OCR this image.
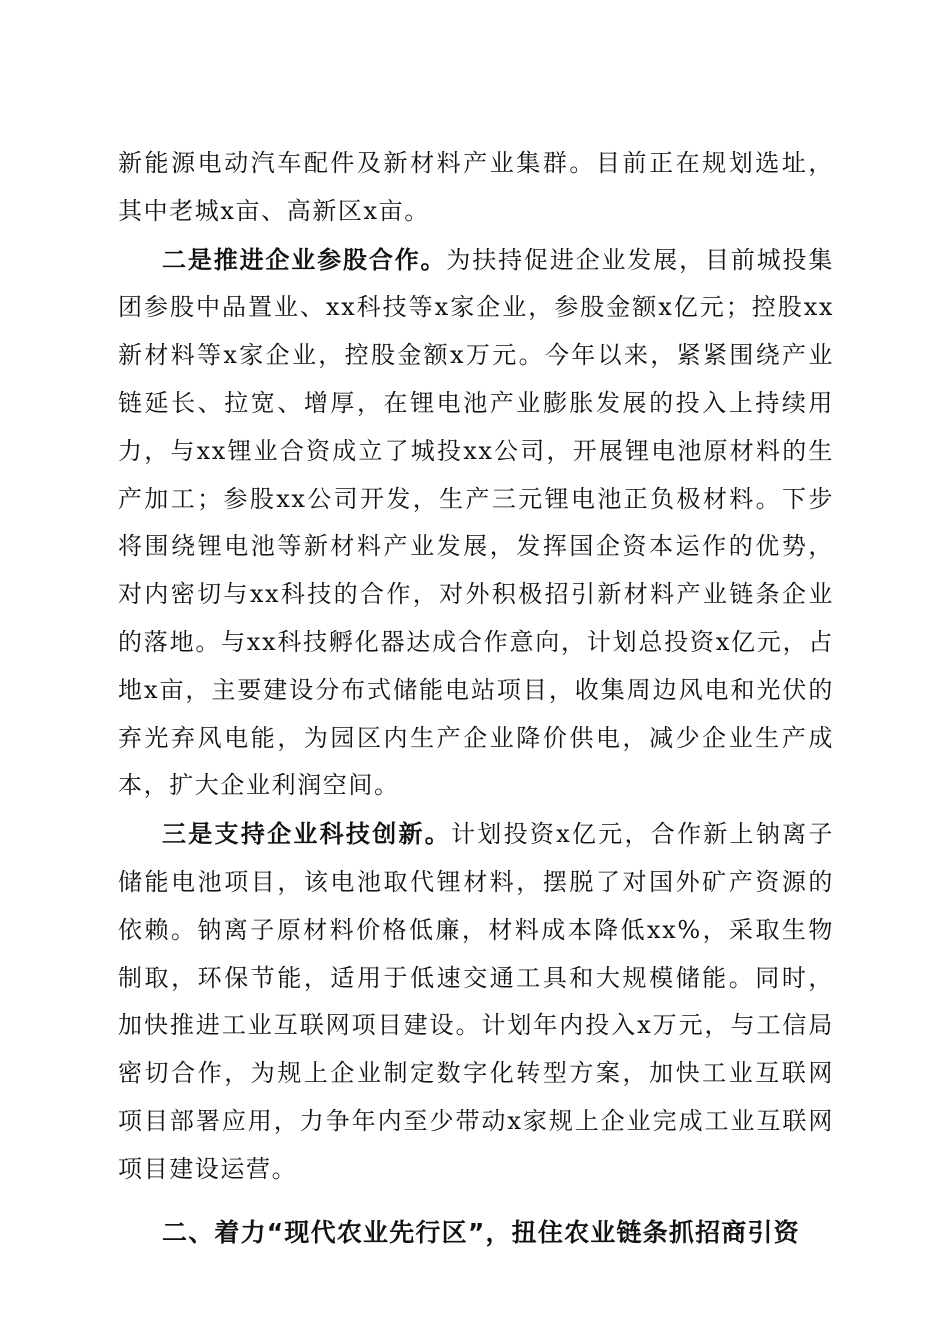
新能源电动汽车配件及新材料产业集群。目前正在规划选址，其中老城x亩、高新区x亩。

二是推进企业参股合作。为扶持促进企业发展，目前城投集团参股中品置业、xx科技等x家企业，参股金额x亿元；控股xx新材料等x家企业，控股金额x万元。今年以来，紧紧围绕产业链延长、拉宽、增厚，在锂电池产业膨胀发展的投入上持续用力，与xx锂业合资成立了城投xx公司，开展锂电池原材料的生产加工；参股xx公司开发，生产三元锂电池正负极材料。下步将围绕锂电池等新材料产业发展，发挥国企资本运作的优势，对内密切与xx科技的合作，对外积极招引新材料产业链条企业的落地。与xx科技孵化器达成合作意向，计划总投资x亿元，占地x亩，主要建设分布式储能电站项目，收集周边风电和光伏的弃光弃风电能，为园区内生产企业降价供电，减少企业生产成本，扩大企业利润空间。

三是支持企业科技创新。计划投资x亿元，合作新上钠离子储能电池项目，该电池取代锂材料，摆脱了对国外矿产资源的依赖。钠离子原材料价格低廉，材料成本降低xx%，采取生物制取，环保节能，适用于低速交通工具和大规模储能。同时，加快推进工业互联网项目建设。计划年内投入x万元，与工信局密切合作，为规上企业制定数字化转型方案，加快工业互联网项目部署应用，力争年内至少带动x家规上企业完成工业互联网项目建设运营。

二、着力“现代农业先行区”，扭住农业链条抓招商引资
